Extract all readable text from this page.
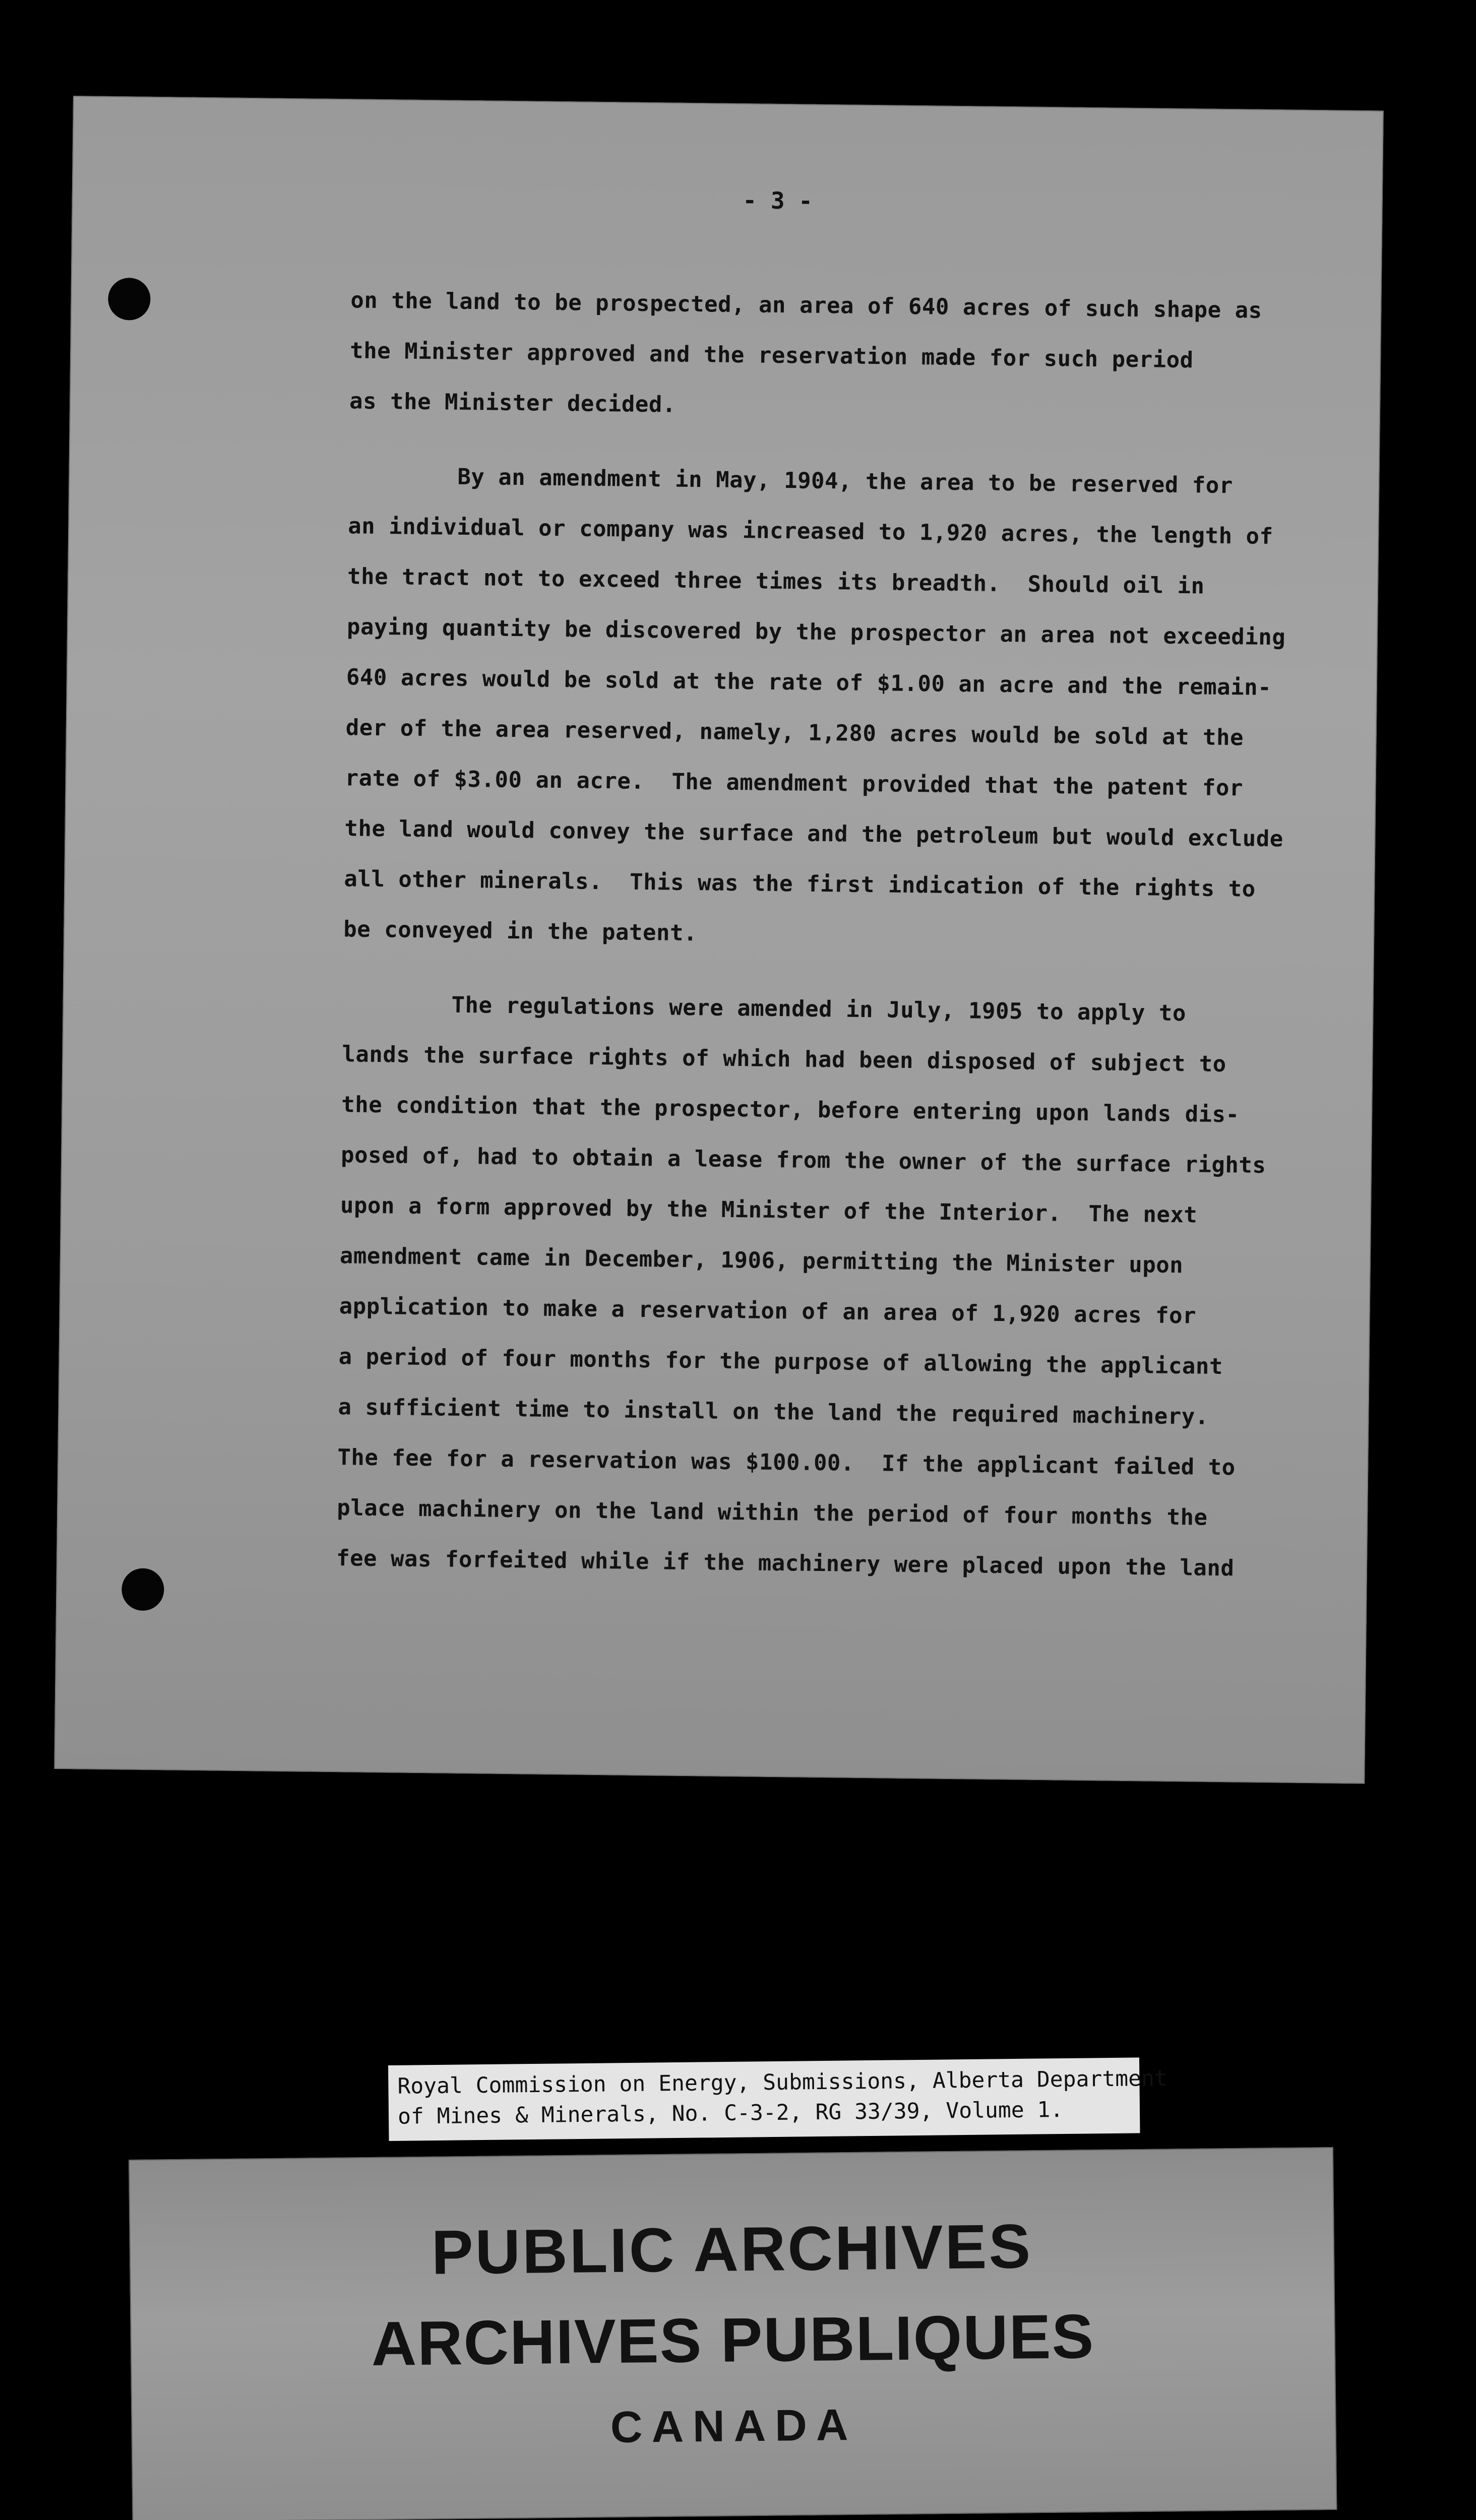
- 3 -
on the land to be prospected, an area of 640 acres of such shape as
the Minister approved and the reservation made for such period
as the Minister decided.
By an amendment in May, 1904, the area to be reserved for
an individual or company was increased to 1,920 acres, the length of
the tract not to exceed three times its breadth.  Should oil in
paying quantity be discovered by the prospector an area not exceeding
640 acres would be sold at the rate of $1.00 an acre and the remain-
der of the area reserved, namely, 1,280 acres would be sold at the
rate of $3.00 an acre.  The amendment provided that the patent for
the land would convey the surface and the petroleum but would exclude
all other minerals.  This was the first indication of the rights to
be conveyed in the patent.
The regulations were amended in July, 1905 to apply to
lands the surface rights of which had been disposed of subject to
the condition that the prospector, before entering upon lands dis-
posed of, had to obtain a lease from the owner of the surface rights
upon a form approved by the Minister of the Interior.  The next
amendment came in December, 1906, permitting the Minister upon
application to make a reservation of an area of 1,920 acres for
a period of four months for the purpose of allowing the applicant
a sufficient time to install on the land the required machinery.
The fee for a reservation was $100.00.  If the applicant failed to
place machinery on the land within the period of four months the
fee was forfeited while if the machinery were placed upon the land
Royal Commission on Energy, Submissions, Alberta Department
of Mines & Minerals, No. C-3-2, RG 33/39, Volume 1.
PUBLIC ARCHIVES
ARCHIVES PUBLIQUES
CANADA
